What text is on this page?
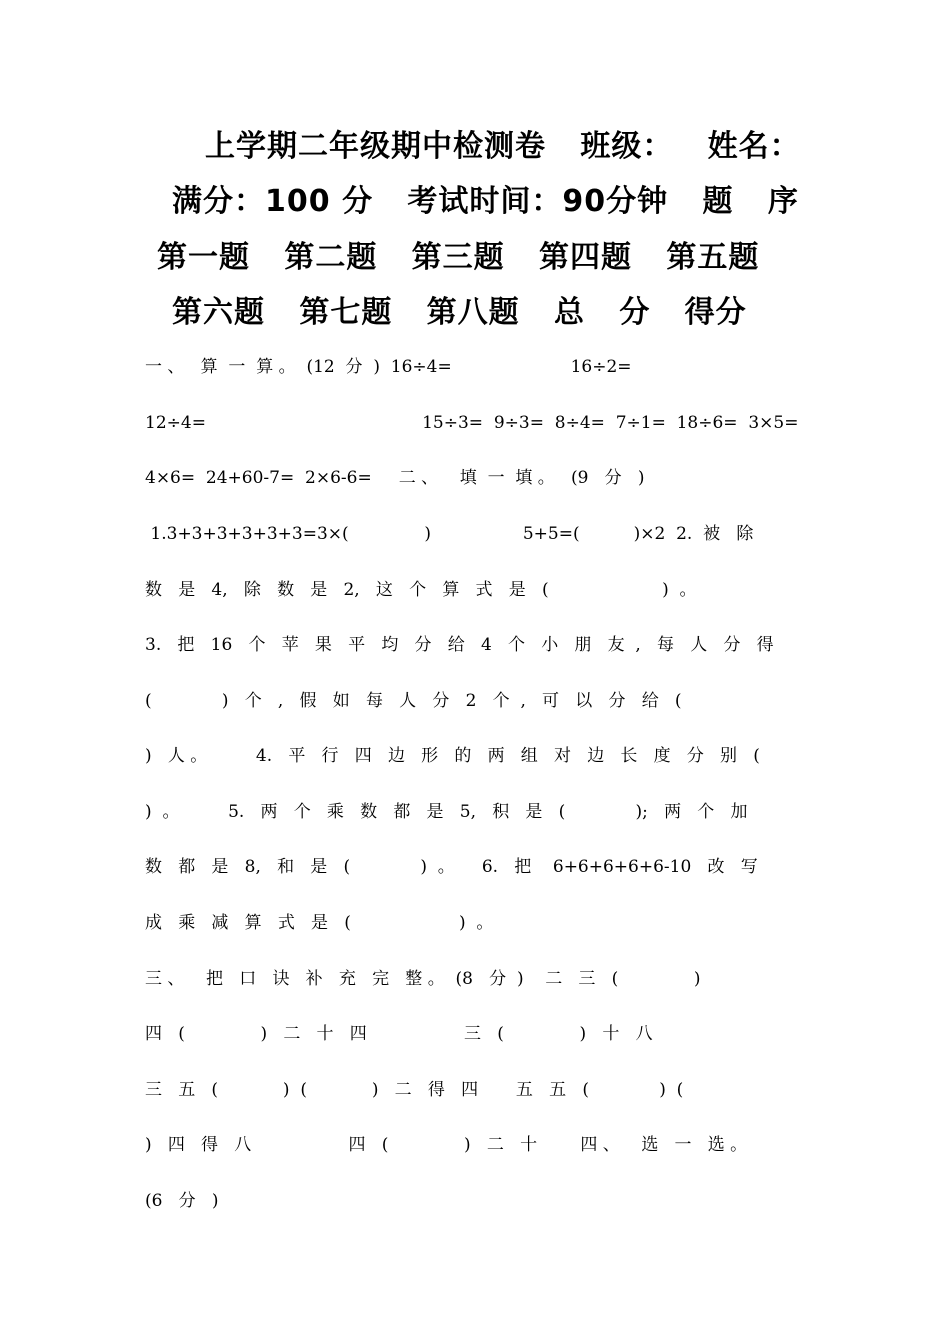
上学期二年级期中检测卷   班级：   姓名：
满分：100 分   考试时间：90分钟   题   序
第一题   第二题   第三题   第四题   第五题
第六题   第七题   第八题   总   分   得分
一 、   算  一  算 。  (12  分  )  16÷4=                      16÷2=
12÷4=                                        15÷3=  9÷3=  8÷4=  7÷1=  18÷6=  3×5=
4×6=  24+60-7=  2×6-6=     二 、    填  一  填 。   (9   分   )
1.3+3+3+3+3+3=3×(              )                 5+5=(          )×2  2.  被   除
数   是   4,   除   数   是   2,   这   个   算   式   是   (                     )  。
3.   把   16   个   苹   果   平   均   分   给   4   个   小   朋   友  ,   每   人   分   得
(             )   个   ,   假   如   每   人   分   2   个  ,   可   以   分   给   (
)   人 。         4.   平   行   四   边   形   的   两   组   对   边   长   度   分   别   (
)  。         5.   两   个   乘   数   都   是   5,   积   是   (             );   两   个   加
数   都   是   8,   和   是   (             )  。     6.   把    6+6+6+6+6-10   改   写
成   乘   减   算   式   是   (                    )  。
三 、    把   口   诀   补   充   完   整 。  (8   分  )    二   三   (              )
四   (              )   二   十   四                  三   (              )   十   八
三   五   (            )  (            )   二   得   四       五   五   (             )  (
)   四   得   八                  四   (              )   二   十        四 、    选   一   选 。
(6   分   )
